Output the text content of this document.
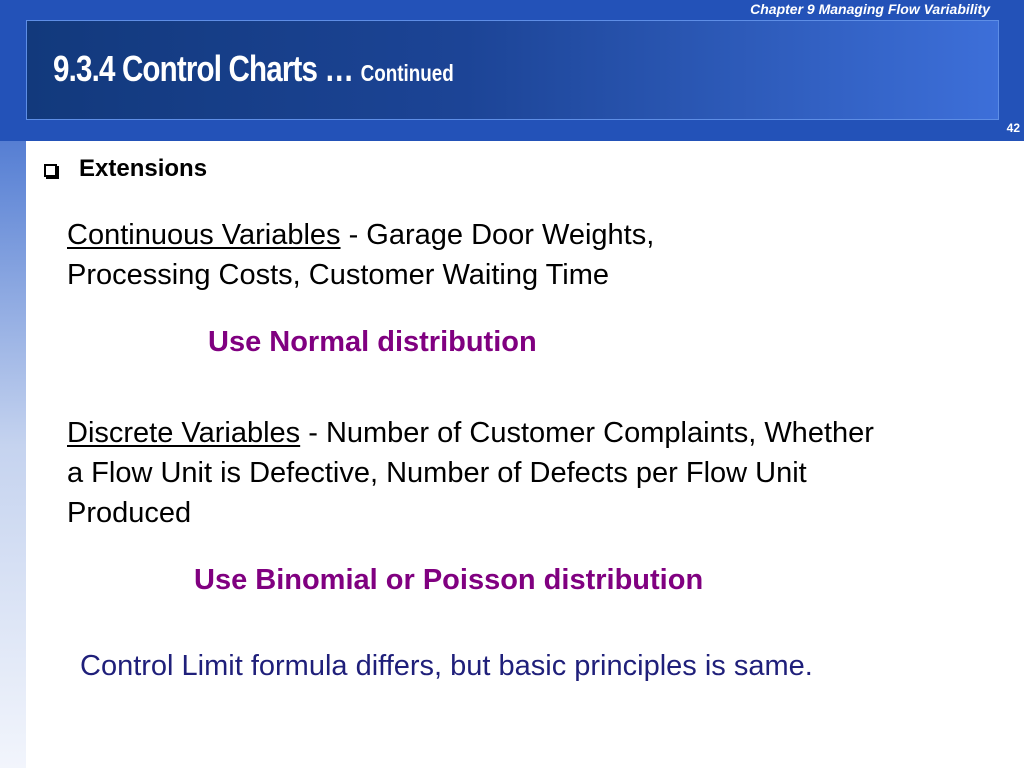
Chapter 9 Managing Flow Variability
42
9.3.4 Control Charts … Continued
Extensions

Continuous Variables - Garage Door Weights, Processing Costs, Customer Waiting Time

Use Normal distribution

Discrete Variables - Number of Customer Complaints, Whether a Flow Unit is Defective, Number of Defects per Flow Unit Produced

Use Binomial or Poisson distribution

Control Limit formula differs, but basic principles is same.
